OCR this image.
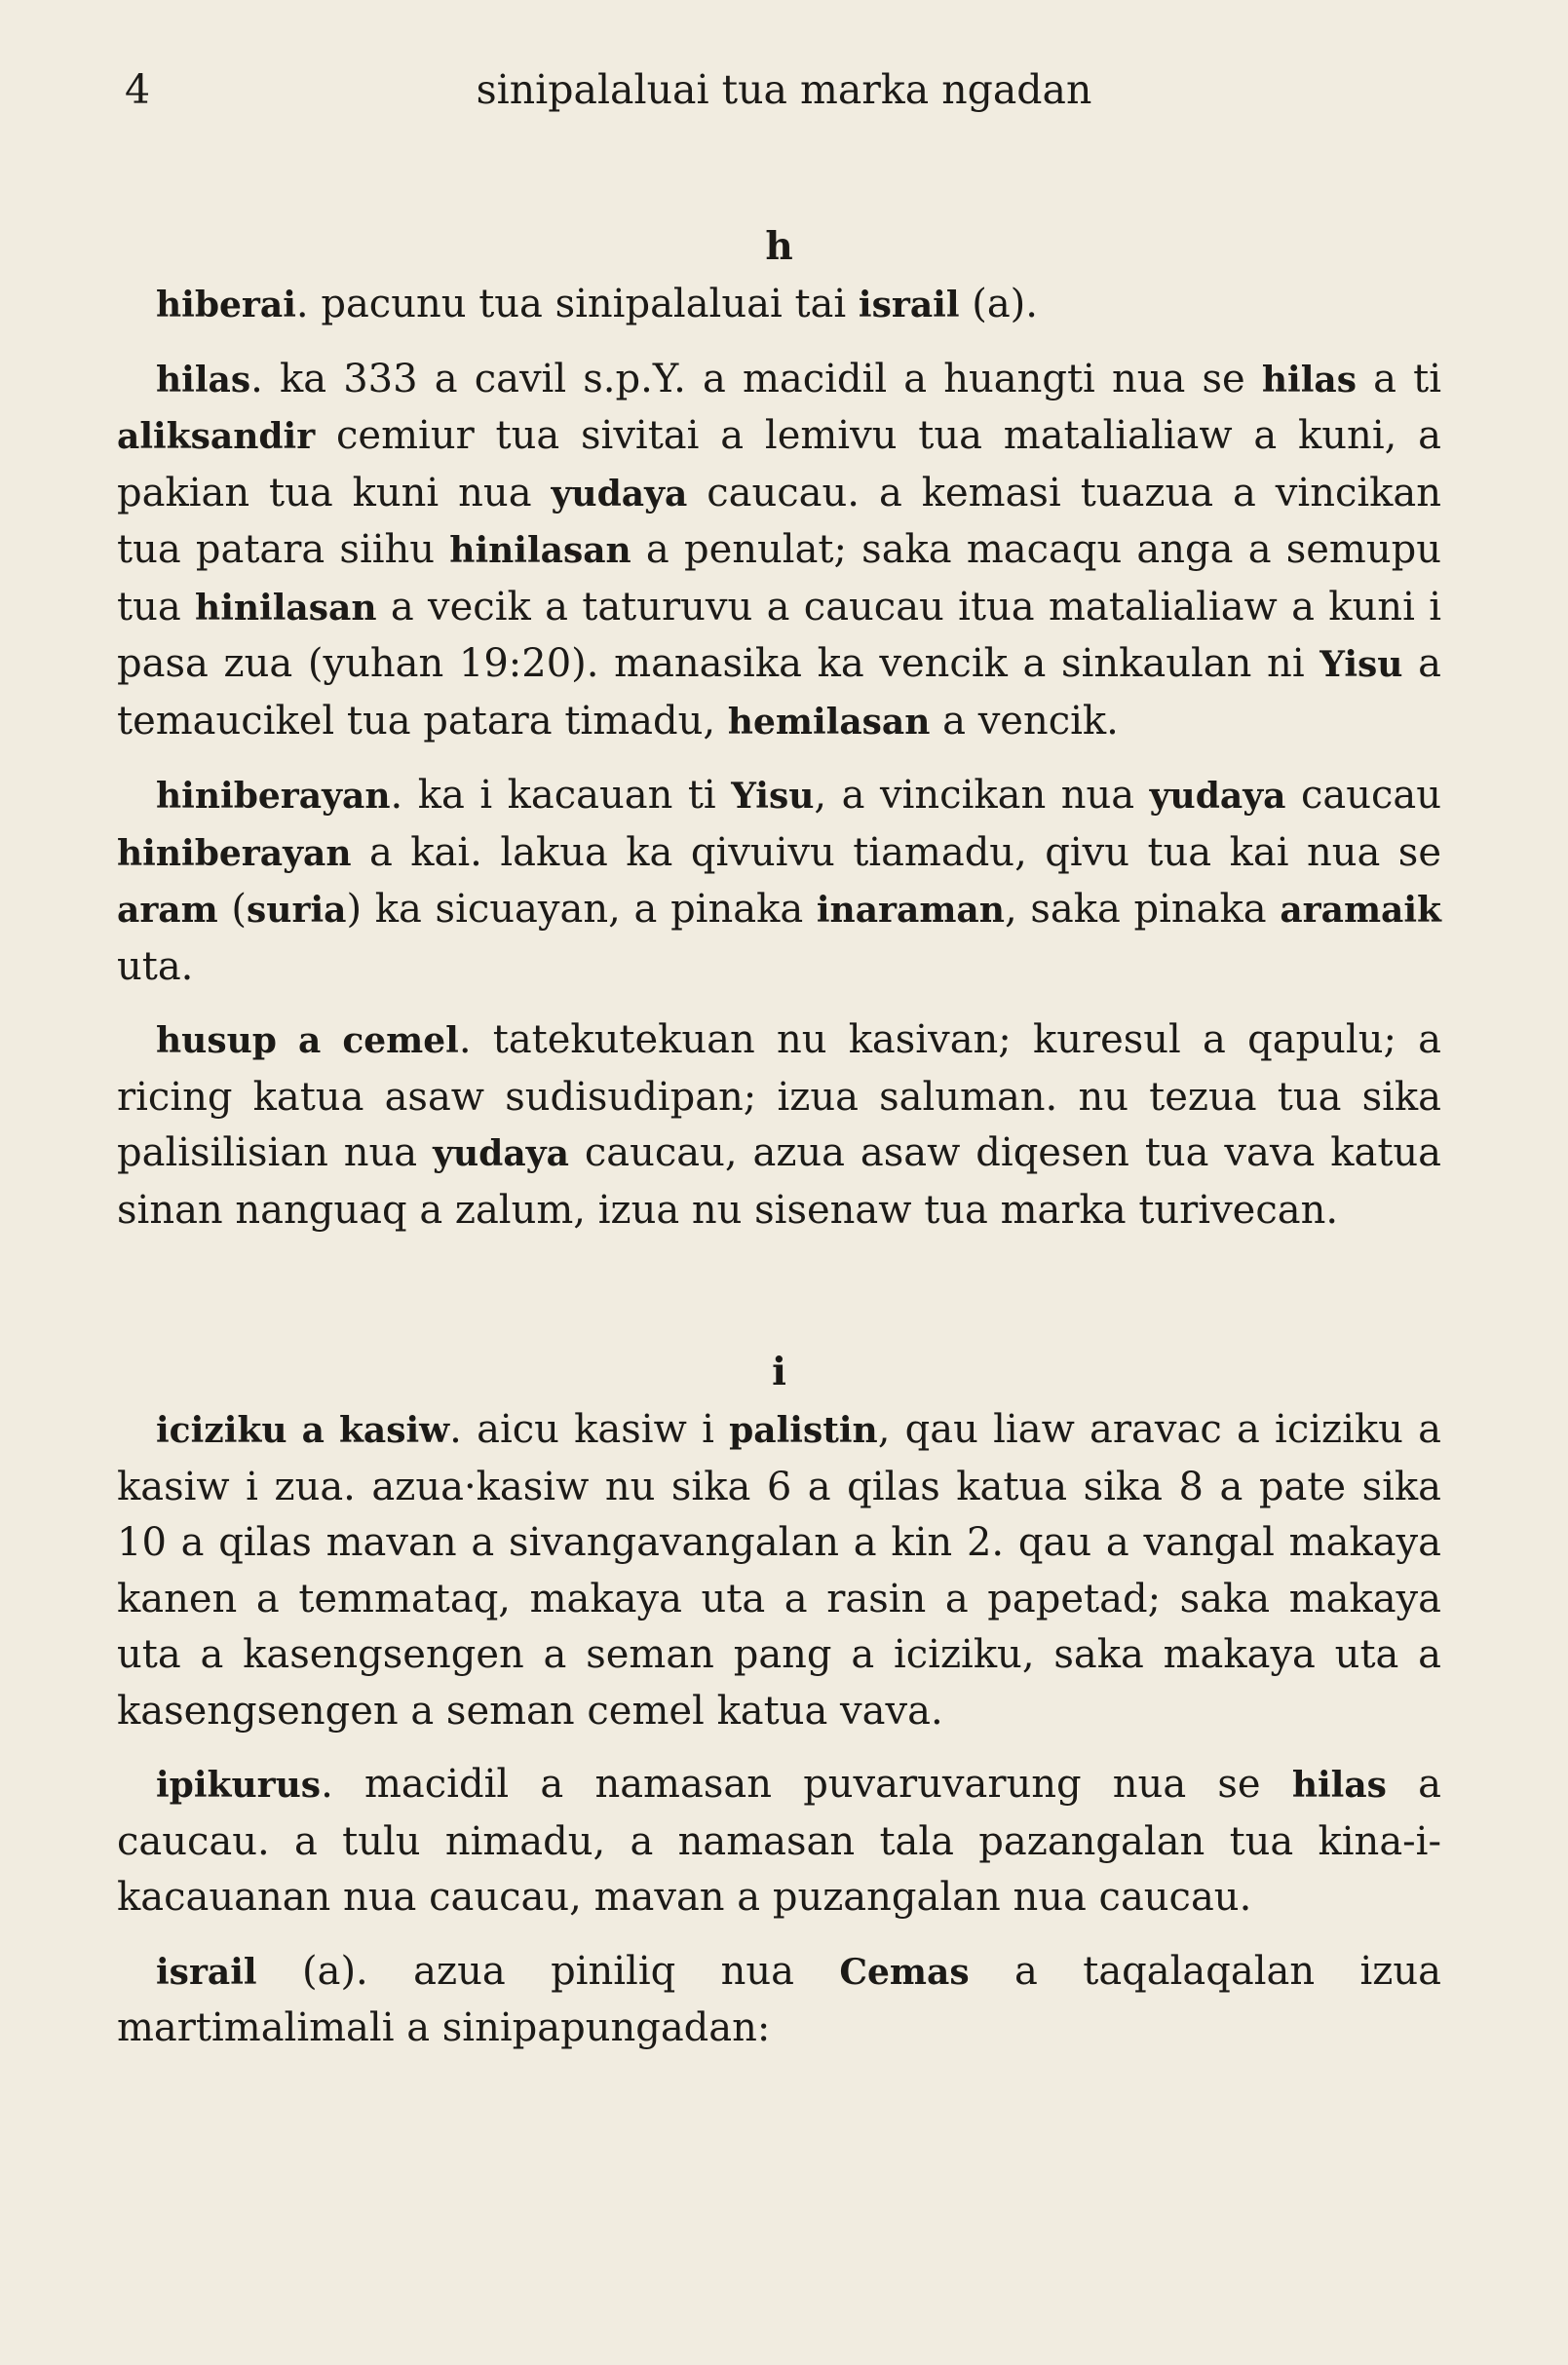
4	sinipalaluai tua marka ngadan

h

hiberai. pacunu tua sinipalaluai tai israil (a).

hilas. ka 333 a cavil s.p.Y. a macidil a huangti nua se hilas a ti aliksandir cemiur tua sivitai a lemivu tua matalialiaw a kuni, a pakian tua kuni nua yudaya caucau. a kemasi tuazua a vincikan tua patara siihu hinilasan a penulat; saka macaqu anga a semupu tua hinilasan a vecik a taturuvu a caucau itua matalialiaw a kuni i pasa zua (yuhan 19:20). manasika ka vencik a sinkaulan ni Yisu a temaucikel tua patara timadu, hemilasan a vencik.

hiniberayan. ka i kacauan ti Yisu, a vincikan nua yudaya caucau hiniberayan a kai. lakua ka qivuivu tiamadu, qivu tua kai nua se aram (suria) ka sicuayan, a pinaka inaraman, saka pinaka aramaik uta.

husup a cemel. tatekutekuan nu kasivan; kuresul a qapulu; a ricing katua asaw sudisudipan; izua saluman. nu tezua tua sika palisilisian nua yudaya caucau, azua asaw diqesen tua vava katua sinan nanguaq a zalum, izua nu sisenaw tua marka turivecan.

i

iciziku a kasiw. aicu kasiw i palistin, qau liaw aravac a iciziku a kasiw i zua. azua·kasiw nu sika 6 a qilas katua sika 8 a pate sika 10 a qilas mavan a sivangavangalan a kin 2. qau a vangal makaya kanen a temmataq, makaya uta a rasin a papetad; saka makaya uta a kasengsengen a seman pang a iciziku, saka makaya uta a kasengsengen a seman cemel katua vava.

ipikurus. macidil a namasan puvaruvarung nua se hilas a caucau. a tulu nimadu, a namasan tala pazangalan tua kina-i-kacauanan nua caucau, mavan a puzangalan nua caucau.

israil (a). azua piniliq nua Cemas a taqalaqalan izua martimalimali a sinipapungadan:
